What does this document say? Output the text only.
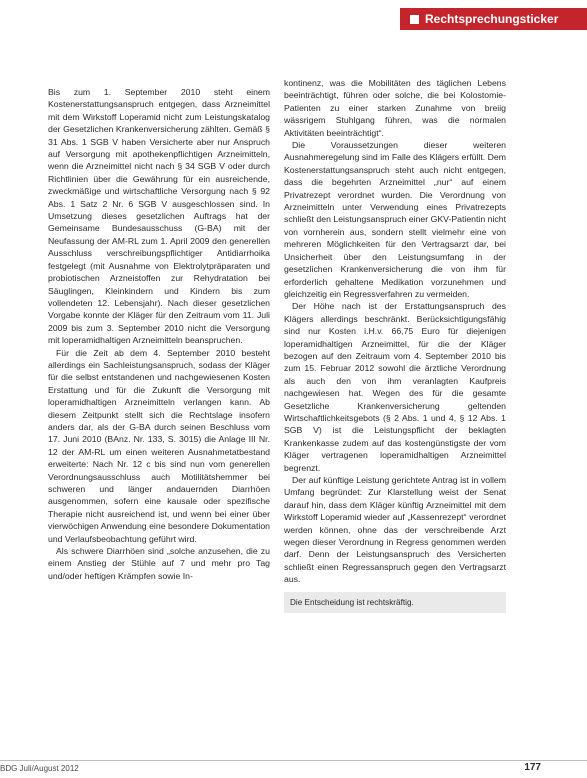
Rechtsprechungsticker

Bis zum 1. September 2010 steht einem Kostenerstattungsanspruch entgegen, dass Arzneimittel mit dem Wirkstoff Loperamid nicht zum Leistungskatalog der Gesetzlichen Krankenversicherung zählten. Gemäß § 31 Abs. 1 SGB V haben Versicherte aber nur Anspruch auf Versorgung mit apothekenpflichtigen Arzneimitteln, wenn die Arzneimittel nicht nach § 34 SGB V oder durch Richtlinien über die Gewährung für ein ausreichende, zweckmäßige und wirtschaftliche Versorgung nach § 92 Abs. 1 Satz 2 Nr. 6 SGB V ausgeschlossen sind. In Umsetzung dieses gesetzlichen Auftrags hat der Gemeinsame Bundesausschuss (G-BA) mit der Neufassung der AM-RL zum 1. April 2009 den generellen Ausschluss verschreibungspflichtiger Antidiarrhoika festgelegt (mit Ausnahme von Elektrolytpräparaten und probiotischen Arzneistoffen zur Rehydratation bei Säuglingen, Kleinkindern und Kindern bis zum vollendeten 12. Lebensjahr). Nach dieser gesetzlichen Vorgabe konnte der Kläger für den Zeitraum vom 11. Juli 2009 bis zum 3. September 2010 nicht die Versorgung mit loperamidhaltigen Arzneimitteln beanspruchen.

Für die Zeit ab dem 4. September 2010 besteht allerdings ein Sachleistungsanspruch, sodass der Kläger für die selbst entstandenen und nachgewiesenen Kosten Erstattung und für die Zukunft die Versorgung mit loperamidhaltigen Arzneimitteln verlangen kann. Ab diesem Zeitpunkt stellt sich die Rechtslage insofern anders dar, als der G-BA durch seinen Beschluss vom 17. Juni 2010 (BAnz. Nr. 133, S. 3015) die Anlage III Nr. 12 der AM-RL um einen weiteren Ausnahmetatbestand erweiterte: Nach Nr. 12 c bis sind nun vom generellen Verordnungsausschluss auch Motilitätshemmer bei schweren und länger andauernden Diarrhöen ausgenommen, sofern eine kausale oder spezifische Therapie nicht ausreichend ist, und wenn bei einer über vierwöchigen Anwendung eine besondere Dokumentation und Verlaufsbeobachtung geführt wird.

Als schwere Diarrhöen sind „solche anzusehen, die zu einem Anstieg der Stühle auf 7 und mehr pro Tag und/oder heftigen Krämpfen sowie In-

kontinenz, was die Mobilitäten des täglichen Lebens beeinträchtigt, führen oder solche, die bei Kolostomie-Patienten zu einer starken Zunahme von breiig wässrigem Stuhlgang führen, was die normalen Aktivitäten beeinträchtigt“.

Die Voraussetzungen dieser weiteren Ausnahmeregelung sind im Falle des Klägers erfüllt. Dem Kostenerstattungsanspruch steht auch nicht entgegen, dass die begehrten Arzneimittel „nur“ auf einem Privatrezept verordnet wurden. Die Verordnung von Arzneimitteln unter Verwendung eines Privatrezepts schließt den Leistungsanspruch einer GKV-Patientin nicht von vornherein aus, sondern stellt vielmehr eine von mehreren Möglichkeiten für den Vertragsarzt dar, bei Unsicherheit über den Leistungsumfang in der gesetzlichen Krankenversicherung die von ihm für erforderlich gehaltene Medikation vorzunehmen und gleichzeitig ein Regressverfahren zu vermeiden.

Der Höhe nach ist der Erstattungsanspruch des Klägers allerdings beschränkt. Berücksichtigungsfähig sind nur Kosten i.H.v. 66,75 Euro für diejenigen loperamidhaltigen Arzneimittel, für die der Kläger bezogen auf den Zeitraum vom 4. September 2010 bis zum 15. Februar 2012 sowohl die ärztliche Verordnung als auch den von ihm veranlagten Kaufpreis nachgewiesen hat. Wegen des für die gesamte Gesetzliche Krankenversicherung geltenden Wirtschaftlichkeitsgebots (§ 2 Abs. 1 und 4, § 12 Abs. 1 SGB V) ist die Leistungspflicht der beklagten Krankenkasse zudem auf das kostengünstigste der vom Kläger vertragenen loperamidhaltigen Arzneimittel begrenzt.

Der auf künftige Leistung gerichtete Antrag ist in vollem Umfang begründet: Zur Klarstellung weist der Senat darauf hin, dass dem Kläger künftig Arzneimittel mit dem Wirkstoff Loperamid wieder auf „Kassenrezept“ verordnet werden können, ohne das der verschreibende Arzt wegen dieser Verordnung in Regress genommen werden darf. Denn der Leistungsanspruch des Versicherten schließt einen Regressanspruch gegen den Vertragsarzt aus.

Die Entscheidung ist rechtskräftig.
BDG Juli/August 2012	177
